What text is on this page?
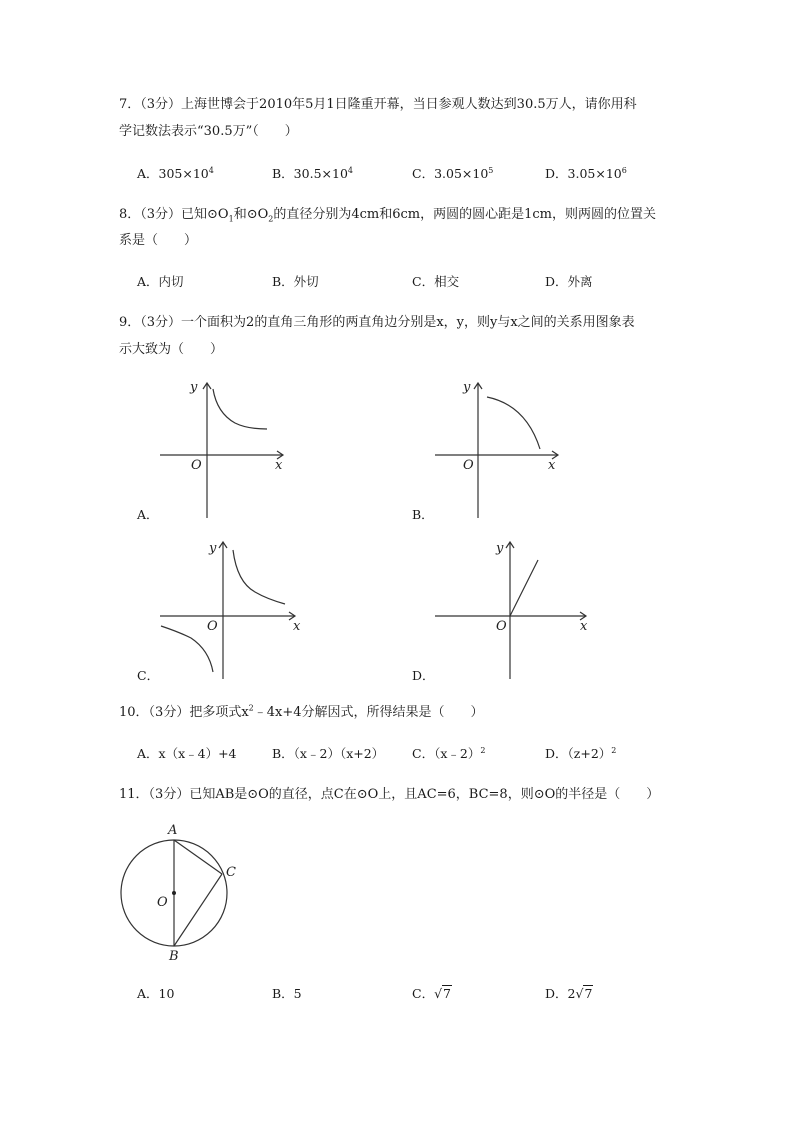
7．（3分）上海世博会于2010年5月1日隆重开幕，当日参观人数达到30.5万人，请你用科
学记数法表示“30.5万”（　　）
A．$305\times 10^4$	B．$30.5\times 10^4$	C．$3.05\times 10^5$	D．$3.05\times 10^6$
8．（3分）已知$⊙O_1$和$⊙O_2$的直径分别为4cm和6cm，两圆的圆心距是1cm，则两圆的位置关
系是（　　）
A．内切	B．外切	C．相交	D．外离
9．（3分）一个面积为2的直角三角形的两直角边分别是x，y，则y与x之间的关系用图象表
示大致为（　　）
y
O	x
A．
y
O	x
B．
y
O	x
C．
y
O	x
D．
10．（3分）把多项式$x^2﹣4x+4$分解因式，所得结果是（　　）
A．x（x﹣4）+4	B．（x﹣2）（x+2） C．（x﹣2）$^2$	D．$(z+2)^2$
11．（3分）已知AB是⊙O的直径，点C在⊙O上，且AC=6，BC=8，则⊙O的半径是（　　）
A
B
C
O
A．10	B．5	C．√7	D．2√7
